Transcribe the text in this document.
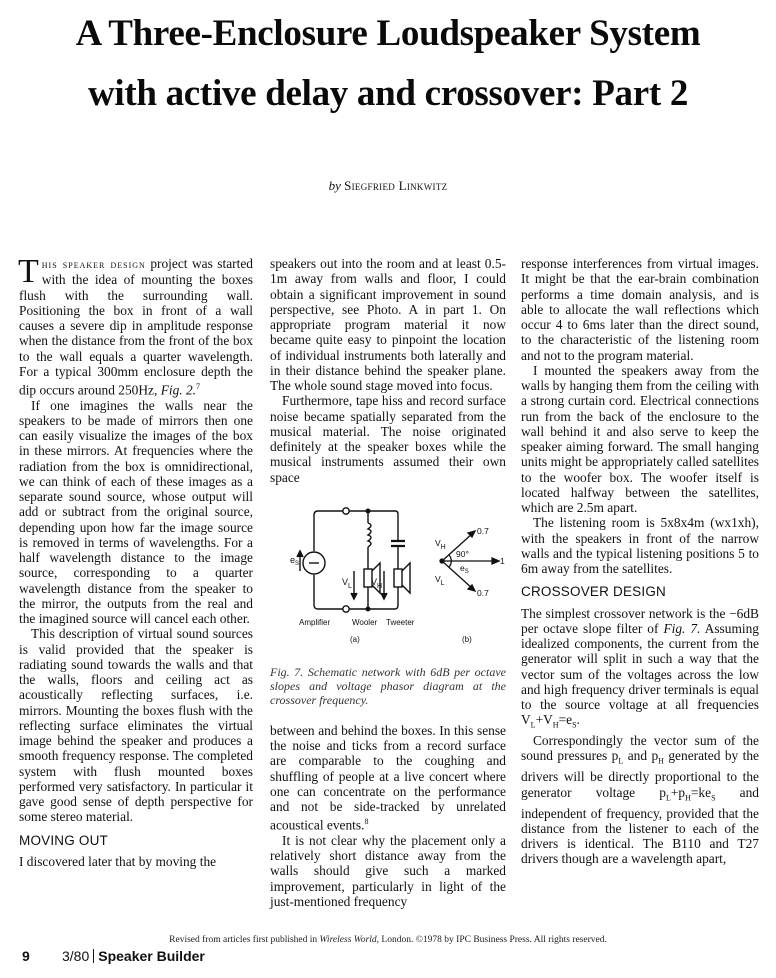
A Three-Enclosure Loudspeaker System
with active delay and crossover: Part 2
by Siegfried Linkwitz

This speaker design project was started with the idea of mounting the boxes flush with the surrounding wall. Positioning the box in front of a wall causes a severe dip in amplitude response when the distance from the front of the box to the wall equals a quarter wavelength. For a typical 300mm enclosure depth the dip occurs around 250Hz, Fig. 2.$^7$

If one imagines the walls near the speakers to be made of mirrors then one can easily visualize the images of the box in these mirrors. At frequencies where the radiation from the box is omnidirectional, we can think of each of these images as a separate sound source, whose output will add or subtract from the original source, depending upon how far the image source is removed in terms of wavelengths. For a half wavelength distance to the image source, corresponding to a quarter wavelength distance from the speaker to the mirror, the outputs from the real and the imagined source will cancel each other.

This description of virtual sound sources is valid provided that the speaker is radiating sound towards the walls and that the walls, floors and ceiling act as acoustically reflecting surfaces, i.e. mirrors. Mounting the boxes flush with the reflecting surface eliminates the virtual image behind the speaker and produces a smooth frequency response. The completed system with flush mounted boxes performed very satisfactory. In particular it gave good sense of depth perspective for some stereo material.

MOVING OUT

I discovered later that by moving the

speakers out into the room and at least 0.5-1m away from walls and floor, I could obtain a significant improvement in sound perspective, see Photo. A in part 1. On appropriate program material it now became quite easy to pinpoint the location of individual instruments both laterally and in their distance behind the speaker plane. The whole sound stage moved into focus.

Furthermore, tape hiss and record surface noise became spatially separated from the musical material. The noise originated definitely at the speaker boxes while the musical instruments assumed their own space

$e_S$
$V_L$ $V_H$
Amplifier	Wooler Tweeter
(a)	(b)
$V_H$
90°
$e_S$
$V_L$
0.7
1
0.7
Fig. 7. Schematic network with 6dB per octave slopes and voltage phasor diagram at the crossover frequency.

between and behind the boxes. In this sense the noise and ticks from a record surface are comparable to the coughing and shuffling of people at a live concert where one can concentrate on the performance and not be side-tracked by unrelated acoustical events.$^8$

It is not clear why the placement only a relatively short distance away from the walls should give such a marked improvement, particularly in light of the just-mentioned frequency

response interferences from virtual images. It might be that the ear-brain combination performs a time domain analysis, and is able to allocate the wall reflections which occur 4 to 6ms later than the direct sound, to the characteristic of the listening room and not to the program material.

I mounted the speakers away from the walls by hanging them from the ceiling with a strong curtain cord. Electrical connections run from the back of the enclosure to the wall behind it and also serve to keep the speaker aiming forward. The small hanging units might be appropriately called satellites to the woofer box. The woofer itself is located halfway between the satellites, which are 2.5m apart.

The listening room is 5x8x4m (wx1xh), with the speakers in front of the narrow walls and the typical listening positions 5 to 6m away from the satellites.

CROSSOVER DESIGN

The simplest crossover network is the −6dB per octave slope filter of Fig. 7. Assuming idealized components, the current from the generator will split in such a way that the vector sum of the voltages across the low and high frequency driver terminals is equal to the source voltage at all frequencies $V_L+V_H=e_S$.

Correspondingly the vector sum of the sound pressures $p_L$ and $p_H$ generated by the drivers will be directly proportional to the generator voltage $p_L+p_H=ke_S$ and independent of frequency, provided that the distance from the listener to each of the drivers is identical. The B110 and T27 drivers though are a wavelength apart,

Revised from articles first published in Wireless World, London. ©1978 by IPC Business Press. All rights reserved.
9 3/80 Speaker Builder
